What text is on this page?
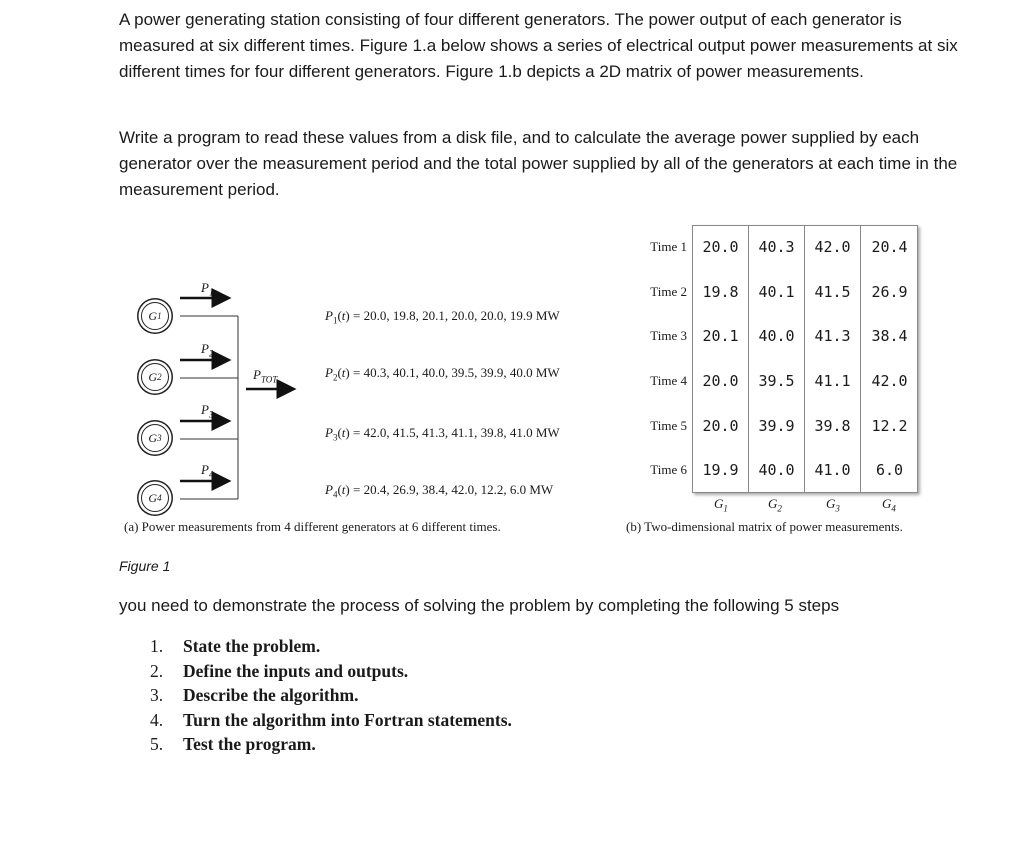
A power generating station consisting of four different generators. The power output of each generator is measured at six different times. Figure 1.a below shows a series of electrical output power measurements at six different times for four different generators. Figure 1.b depicts a 2D matrix of power measurements.

Write a program to read these values from a disk file, and to calculate the average power supplied by each generator over the measurement period and the total power supplied by all of the generators at each time in the measurement period.

G 1
G 2
G 3
G 4
$P_1$
$P_2$
$P_3$
$P_4$
$P_{TOT}$
$P_1(t) = 20.0$, 19.8, 20.1, 20.0, 20.0, 19.9 MW
$P_2(t) = 40.3$, 40.1, 40.0, 39.5, 39.9, 40.0 MW
$P_3(t) = 42.0$, 41.5, 41.3, 41.1, 39.8, 41.0 MW
$P_4(t) = 20.4$, 26.9, 38.4, 42.0, 12.2, 6.0 MW
(a) Power measurements from 4 different generators at 6 different times.
Time 1	20.0	40.3	42.0	20.4
Time 2	19.8	40.1	41.5	26.9
Time 3	20.1	40.0	41.3	38.4
Time 4	20.0	39.5	41.1	42.0
Time 5	20.0	39.9	39.8	12.2
Time 6	19.9	40.0	41.0	6.0
$G_1$	$G_2$	$G_3$	$G_4$
(b) Two-dimensional matrix of power measurements.
Figure 1

you need to demonstrate the process of solving the problem by completing the following 5 steps

1.	State the problem.
2.	Define the inputs and outputs.
3.	Describe the algorithm.
4.	Turn the algorithm into Fortran statements.
5.	Test the program.
